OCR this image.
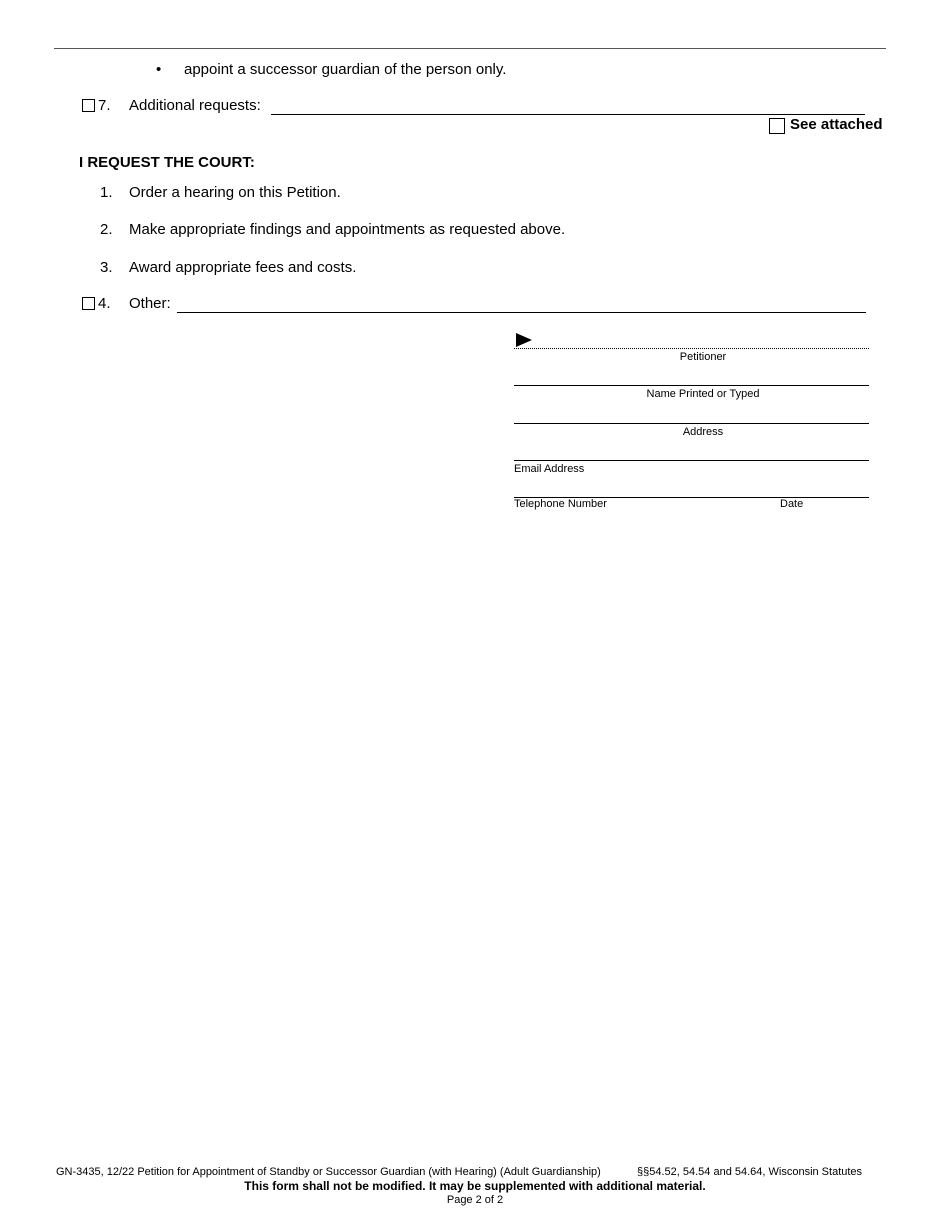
• appoint a successor guardian of the person only.
7. Additional requests:
See attached
I REQUEST THE COURT:
1. Order a hearing on this Petition.
2. Make appropriate findings and appointments as requested above.
3. Award appropriate fees and costs.
4. Other:
Petitioner
Name Printed or Typed
Address
Email Address
Telephone Number	Date
GN-3435, 12/22 Petition for Appointment of Standby or Successor Guardian (with Hearing) (Adult Guardianship)	§§54.52, 54.54 and 54.64, Wisconsin Statutes
This form shall not be modified. It may be supplemented with additional material.
Page 2 of 2
